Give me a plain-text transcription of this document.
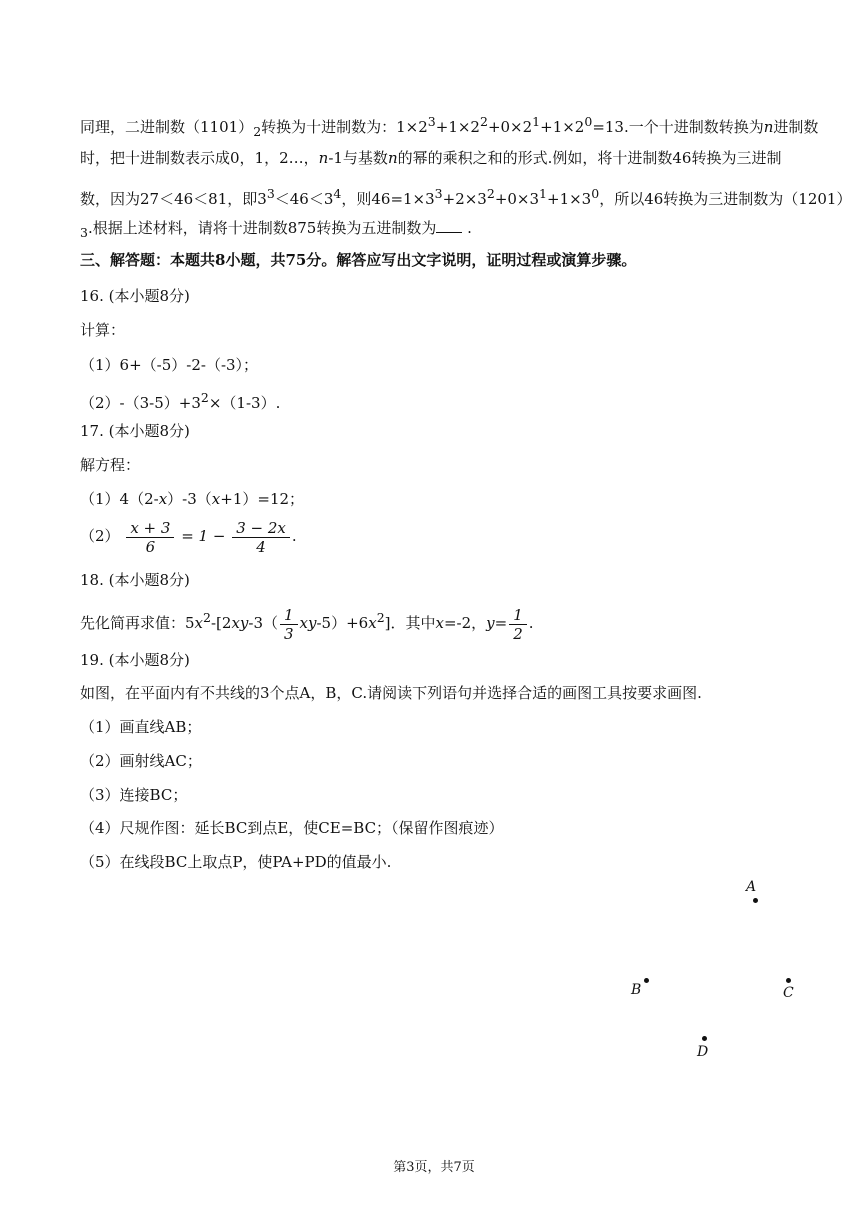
同理，二进制数$(1101)_2$转换为十进制数为：$1\times 2^3+1\times 2^2+0\times 2^1+1\times 2^0=13$.一个十进制数转换为n进制数
时，把十进制数表示成0，1，2…，n-1与基数n的幂的乘积之和的形式.例如，将十进制数46转换为三进制
数，因为27＜46＜81，即$3^3<46<3^4$，则$46=1\times 3^3+2\times 3^2+0\times 3^1+1\times 3^0$，所以46转换为三进制数为（1201）
$_3$.根据上述材料，请将十进制数875转换为五进制数为 .
三、解答题：本题共8小题，共75分。解答应写出文字说明，证明过程或演算步骤。
16. (本小题8分)
计算：
（1）6+（-5）-2-（-3）；
$(2)-(3-5)+3^2\times(1-3)$.
17. (本小题8分)
解方程：
（1）4（2-x）-3（x+1）=12；
$(2) \frac{x + 3}{6} = 1 - \frac{3 - 2x}{4}$ .
18. (本小题8分)
先化简再求值：$5x^2-[2xy-3( \frac{1}{3} xy-5)+6x^2]$．其中x=-2，$y= \frac{1}{2}$ .
19. (本小题8分)
如图，在平面内有不共线的3个点A，B，C.请阅读下列语句并选择合适的画图工具按要求画图.
（1）画直线AB；
（2）画射线AC；
（3）连接BC；
（4）尺规作图：延长BC到点E，使CE=BC；（保留作图痕迹）
（5）在线段BC上取点P，使PA+PD的值最小.
A
B	C
D
第3页，共7页
